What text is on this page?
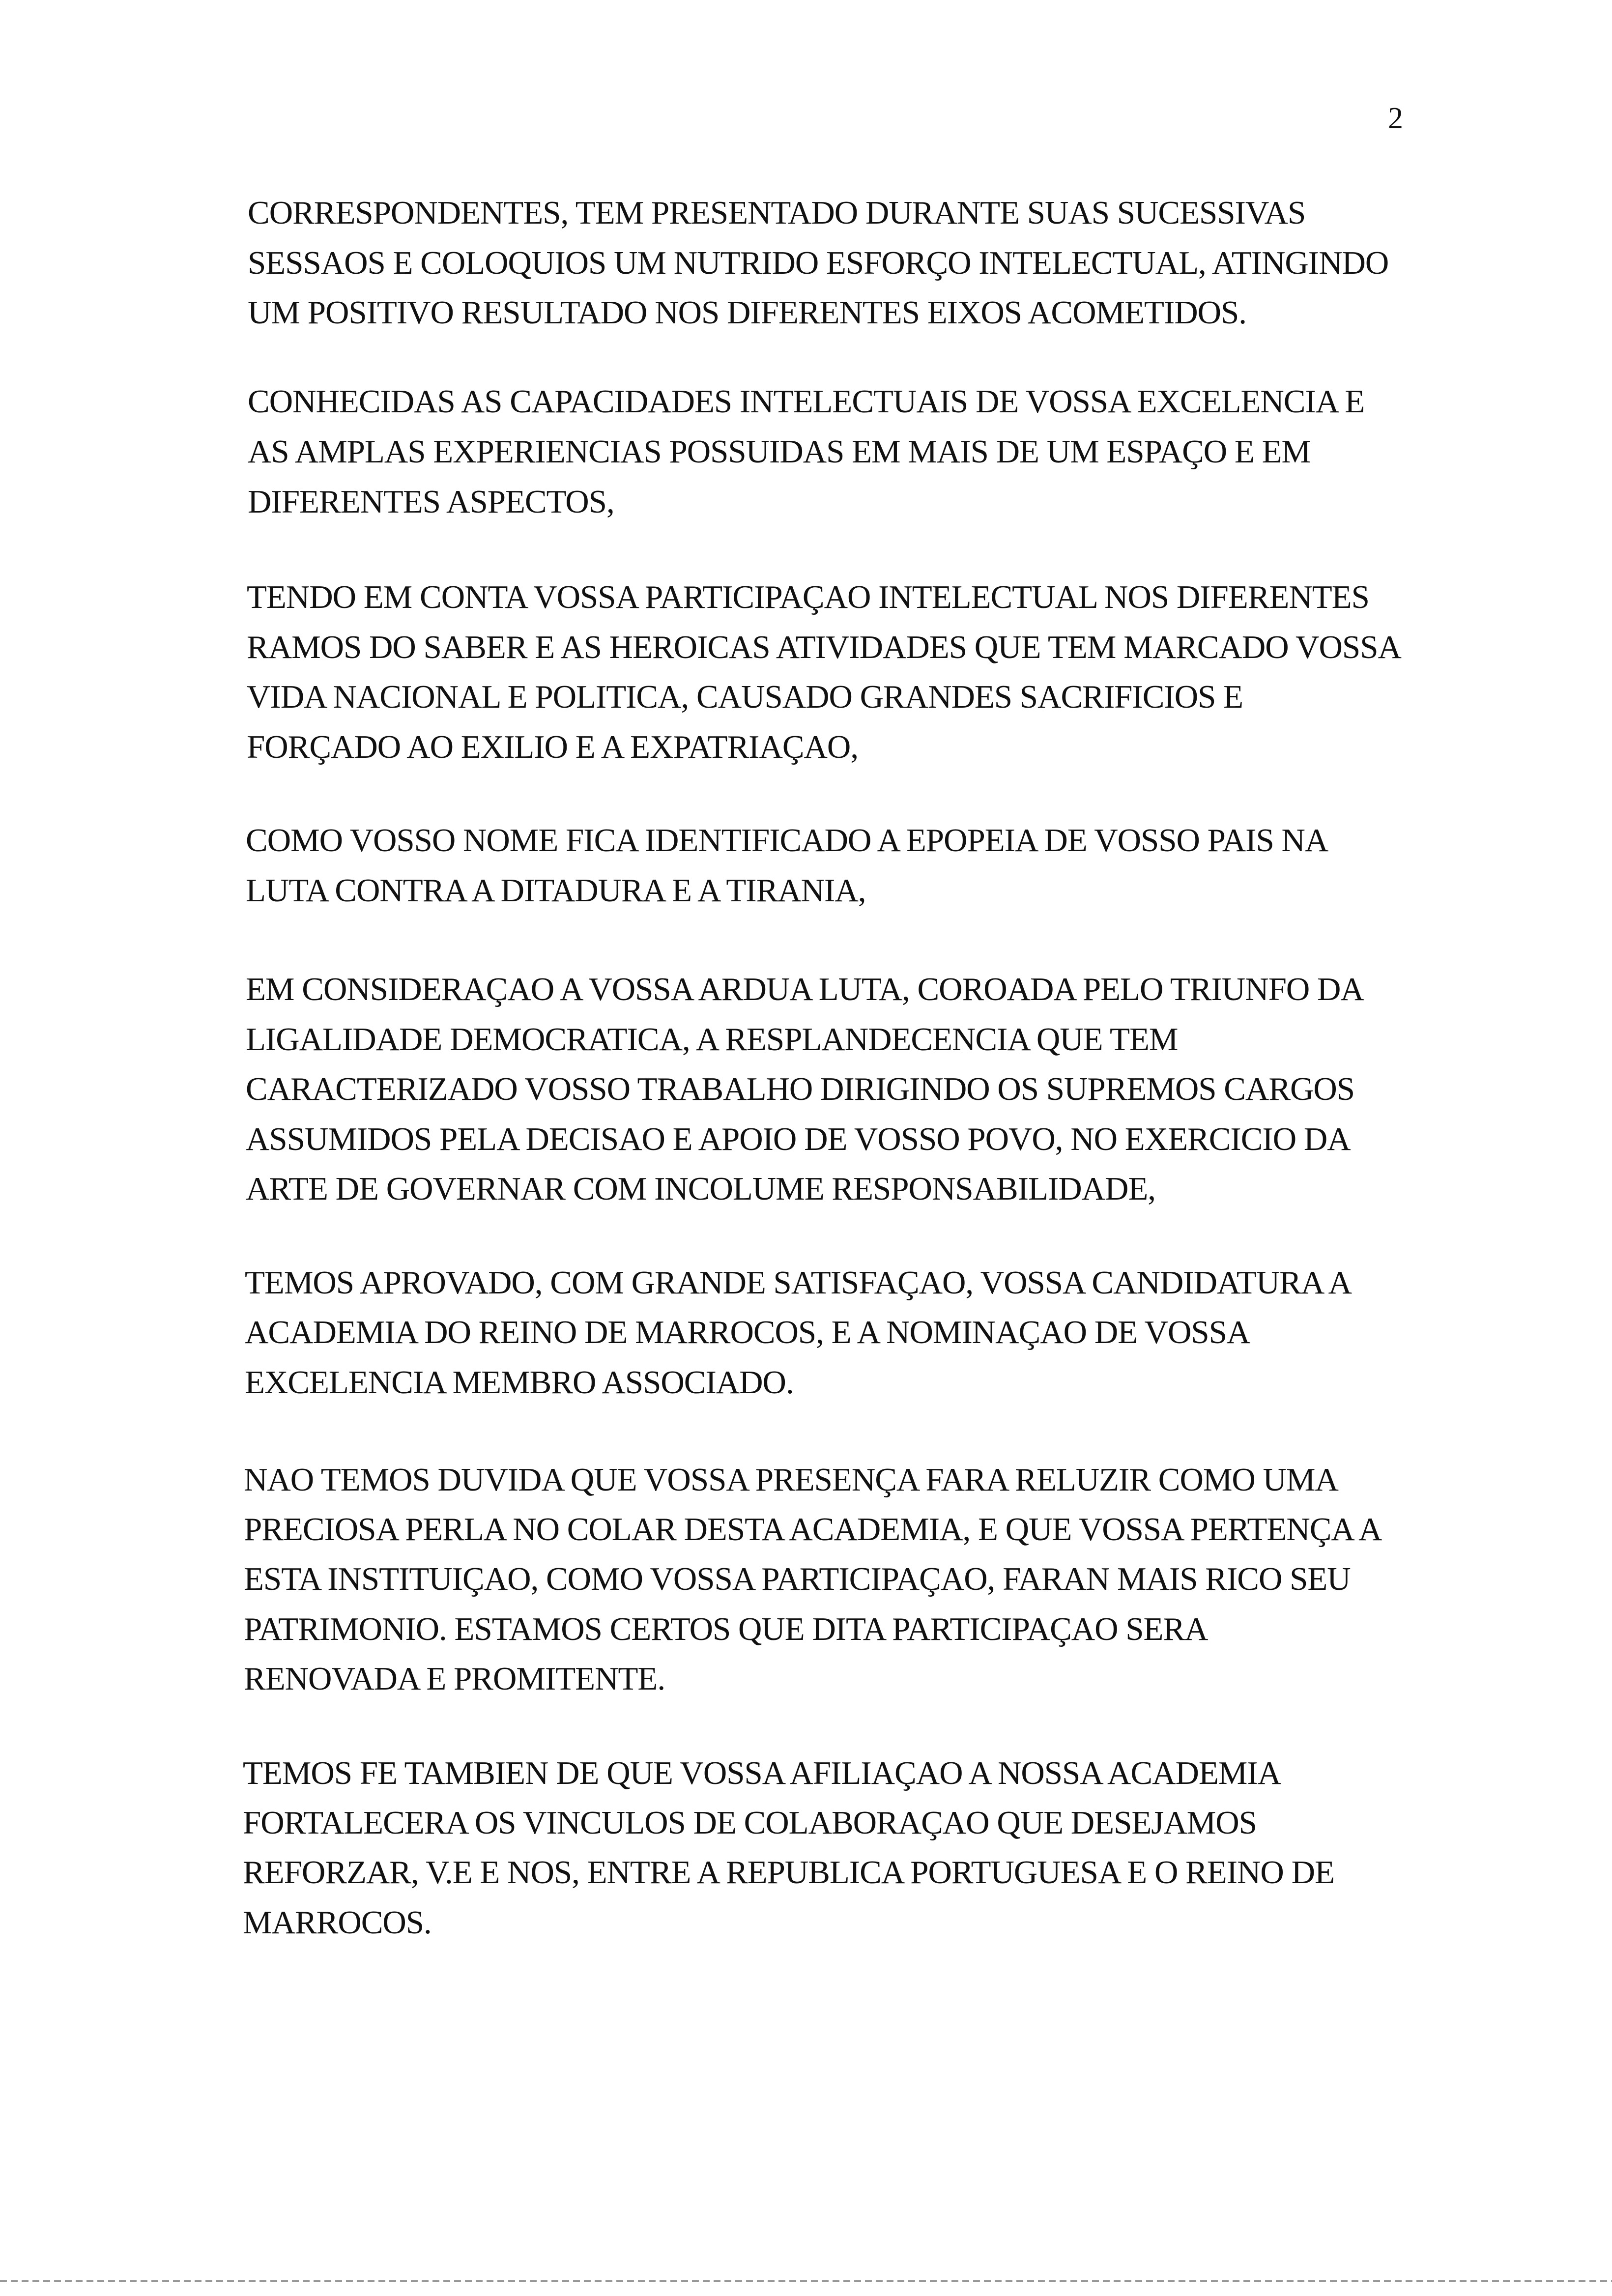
2
CORRESPONDENTES, TEM PRESENTADO DURANTE SUAS SUCESSIVAS
SESSAOS E COLOQUIOS UM NUTRIDO ESFORÇO INTELECTUAL, ATINGINDO
UM POSITIVO RESULTADO NOS DIFERENTES EIXOS ACOMETIDOS.
CONHECIDAS AS CAPACIDADES INTELECTUAIS DE VOSSA EXCELENCIA E
AS AMPLAS EXPERIENCIAS POSSUIDAS EM MAIS DE UM ESPAÇO E EM
DIFERENTES ASPECTOS,
TENDO EM CONTA VOSSA PARTICIPAÇAO INTELECTUAL NOS DIFERENTES
RAMOS DO SABER E AS HEROICAS ATIVIDADES QUE TEM MARCADO VOSSA
VIDA NACIONAL E POLITICA, CAUSADO GRANDES SACRIFICIOS E
FORÇADO AO EXILIO E A EXPATRIAÇAO,
COMO VOSSO NOME FICA IDENTIFICADO A EPOPEIA DE VOSSO PAIS NA
LUTA CONTRA A DITADURA E A TIRANIA,
EM CONSIDERAÇAO A VOSSA ARDUA LUTA, COROADA PELO TRIUNFO DA
LIGALIDADE DEMOCRATICA, A RESPLANDECENCIA QUE TEM
CARACTERIZADO VOSSO TRABALHO DIRIGINDO OS SUPREMOS CARGOS
ASSUMIDOS PELA DECISAO E APOIO DE VOSSO POVO, NO EXERCICIO DA
ARTE DE GOVERNAR COM INCOLUME RESPONSABILIDADE,
TEMOS APROVADO, COM GRANDE SATISFAÇAO, VOSSA CANDIDATURA A
ACADEMIA DO REINO DE MARROCOS, E A NOMINAÇAO DE VOSSA
EXCELENCIA MEMBRO ASSOCIADO.
NAO TEMOS DUVIDA QUE VOSSA PRESENÇA FARA RELUZIR COMO UMA
PRECIOSA PERLA NO COLAR DESTA ACADEMIA, E QUE VOSSA PERTENÇA A
ESTA INSTITUIÇAO, COMO VOSSA PARTICIPAÇAO, FARAN MAIS RICO SEU
PATRIMONIO. ESTAMOS CERTOS QUE DITA PARTICIPAÇAO SERA
RENOVADA E PROMITENTE.
TEMOS FE TAMBIEN DE QUE VOSSA AFILIAÇAO A NOSSA ACADEMIA
FORTALECERA OS VINCULOS DE COLABORAÇAO QUE DESEJAMOS
REFORZAR, V.E E NOS, ENTRE A REPUBLICA PORTUGUESA E O REINO DE
MARROCOS.
